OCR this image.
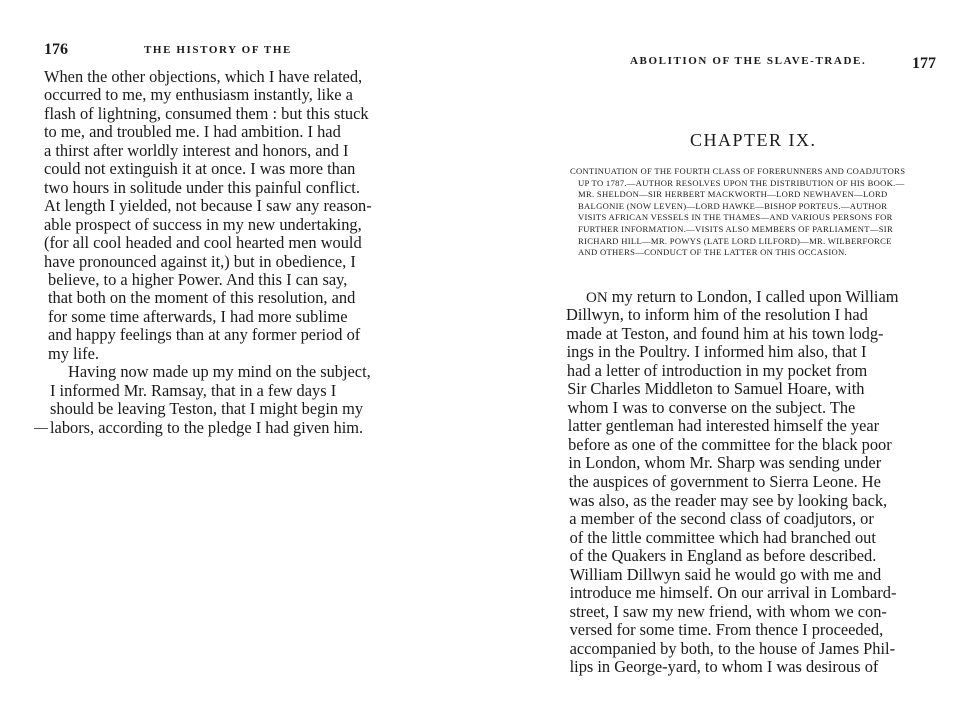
176	THE HISTORY OF THE
When the other objections, which I have related,
occurred to me, my enthusiasm instantly, like a
flash of lightning, consumed them : but this stuck
to me, and troubled me. I had ambition. I had
a thirst after worldly interest and honors, and I
could not extinguish it at once. I was more than
two hours in solitude under this painful conflict.
At length I yielded, not because I saw any reason-
able prospect of success in my new undertaking,
(for all cool headed and cool hearted men would
have pronounced against it,) but in obedience, I
believe, to a higher Power. And this I can say,
that both on the moment of this resolution, and
for some time afterwards, I had more sublime
and happy feelings than at any former period of
my life.
Having now made up my mind on the subject,
I informed Mr. Ramsay, that in a few days I
should be leaving Teston, that I might begin my
labors, according to the pledge I had given him.
ABOLITION OF THE SLAVE-TRADE.	177
CHAPTER IX.
CONTINUATION OF THE FOURTH CLASS OF FORERUNNERS AND COADJUTORS
UP TO 1787.—AUTHOR RESOLVES UPON THE DISTRIBUTION OF HIS BOOK.—
MR. SHELDON—SIR HERBERT MACKWORTH—LORD NEWHAVEN—LORD
BALGONIE (NOW LEVEN)—LORD HAWKE—BISHOP PORTEUS.—AUTHOR
VISITS AFRICAN VESSELS IN THE THAMES—AND VARIOUS PERSONS FOR
FURTHER INFORMATION.—VISITS ALSO MEMBERS OF PARLIAMENT—SIR
RICHARD HILL—MR. POWYS (LATE LORD LILFORD)—MR. WILBERFORCE
AND OTHERS—CONDUCT OF THE LATTER ON THIS OCCASION.
ON my return to London, I called upon William
Dillwyn, to inform him of the resolution I had
made at Teston, and found him at his town lodg-
ings in the Poultry. I informed him also, that I
had a letter of introduction in my pocket from
Sir Charles Middleton to Samuel Hoare, with
whom I was to converse on the subject. The
latter gentleman had interested himself the year
before as one of the committee for the black poor
in London, whom Mr. Sharp was sending under
the auspices of government to Sierra Leone. He
was also, as the reader may see by looking back,
a member of the second class of coadjutors, or
of the little committee which had branched out
of the Quakers in England as before described.
William Dillwyn said he would go with me and
introduce me himself. On our arrival in Lombard-
street, I saw my new friend, with whom we con-
versed for some time. From thence I proceeded,
accompanied by both, to the house of James Phil-
lips in George-yard, to whom I was desirous of
